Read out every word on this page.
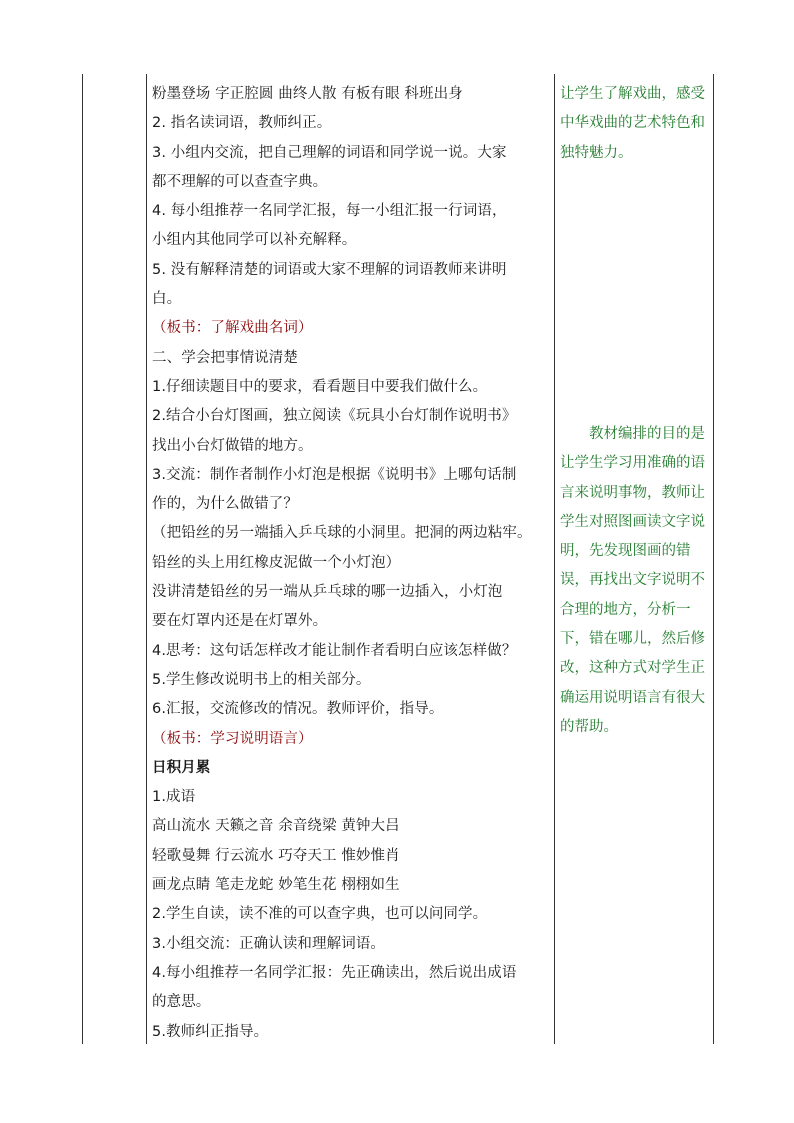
粉墨登场 字正腔圆 曲终人散 有板有眼 科班出身
2. 指名读词语，教师纠正。
3. 小组内交流，把自己理解的词语和同学说一说。大家
都不理解的可以查查字典。
4. 每小组推荐一名同学汇报，每一小组汇报一行词语，
小组内其他同学可以补充解释。
5. 没有解释清楚的词语或大家不理解的词语教师来讲明
白。
（板书：了解戏曲名词）
二、学会把事情说清楚
1.仔细读题目中的要求，看看题目中要我们做什么。
2.结合小台灯图画，独立阅读《玩具小台灯制作说明书》
找出小台灯做错的地方。
3.交流：制作者制作小灯泡是根据《说明书》上哪句话制
作的，为什么做错了？
（把铅丝的另一端插入乒乓球的小洞里。把洞的两边粘牢。
铅丝的头上用红橡皮泥做一个小灯泡）
没讲清楚铅丝的另一端从乒乓球的哪一边插入，小灯泡
要在灯罩内还是在灯罩外。
4.思考：这句话怎样改才能让制作者看明白应该怎样做？
5.学生修改说明书上的相关部分。
6.汇报，交流修改的情况。教师评价，指导。
（板书：学习说明语言）
日积月累
1.成语
高山流水 天籁之音 余音绕梁 黄钟大吕
轻歌曼舞 行云流水 巧夺天工 惟妙惟肖
画龙点睛 笔走龙蛇 妙笔生花 栩栩如生
2.学生自读，读不准的可以查字典，也可以问同学。
3.小组交流：正确认读和理解词语。
4.每小组推荐一名同学汇报：先正确读出，然后说出成语
的意思。
5.教师纠正指导。
让学生了解戏曲，感受中华戏曲的艺术特色和独特魅力。
教材编排的目的是让学生学习用准确的语言来说明事物，教师让学生对照图画读文字说明，先发现图画的错误，再找出文字说明不合理的地方，分析一下，错在哪儿，然后修改，这种方式对学生正确运用说明语言有很大的帮助。
